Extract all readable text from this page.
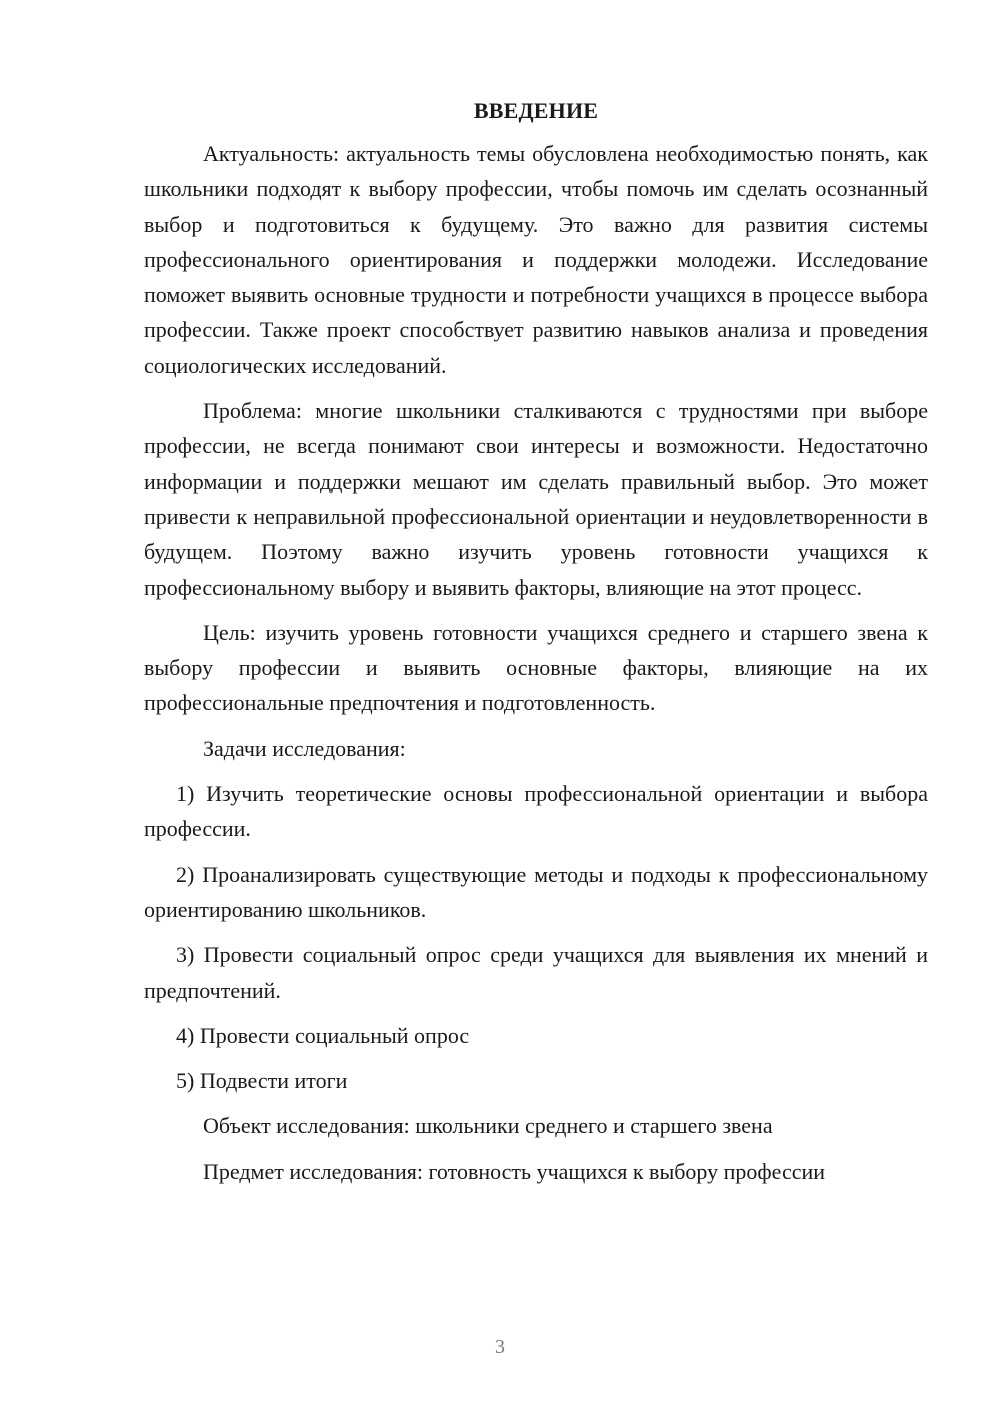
ВВЕДЕНИЕ

Актуальность: актуальность темы обусловлена необходимостью понять, как школьники подходят к выбору профессии, чтобы помочь им сделать осознанный выбор и подготовиться к будущему. Это важно для развития системы профессионального ориентирования и поддержки молодежи. Исследование поможет выявить основные трудности и потребности учащихся в процессе выбора профессии. Также проект способствует развитию навыков анализа и проведения социологических исследований.

Проблема: многие школьники сталкиваются с трудностями при выборе профессии, не всегда понимают свои интересы и возможности. Недостаточно информации и поддержки мешают им сделать правильный выбор. Это может привести к неправильной профессиональной ориентации и неудовлетворенности в будущем. Поэтому важно изучить уровень готовности учащихся к профессиональному выбору и выявить факторы, влияющие на этот процесс.

Цель: изучить уровень готовности учащихся среднего и старшего звена к выбору профессии и выявить основные факторы, влияющие на их профессиональные предпочтения и подготовленность.

Задачи исследования:

1) Изучить теоретические основы профессиональной ориентации и выбора профессии.

2) Проанализировать существующие методы и подходы к профессиональному ориентированию школьников.

3) Провести социальный опрос среди учащихся для выявления их мнений и предпочтений.

4) Провести социальный опрос

5) Подвести итоги

Объект исследования: школьники среднего и старшего звена

Предмет исследования: готовность учащихся к выбору профессии

3
